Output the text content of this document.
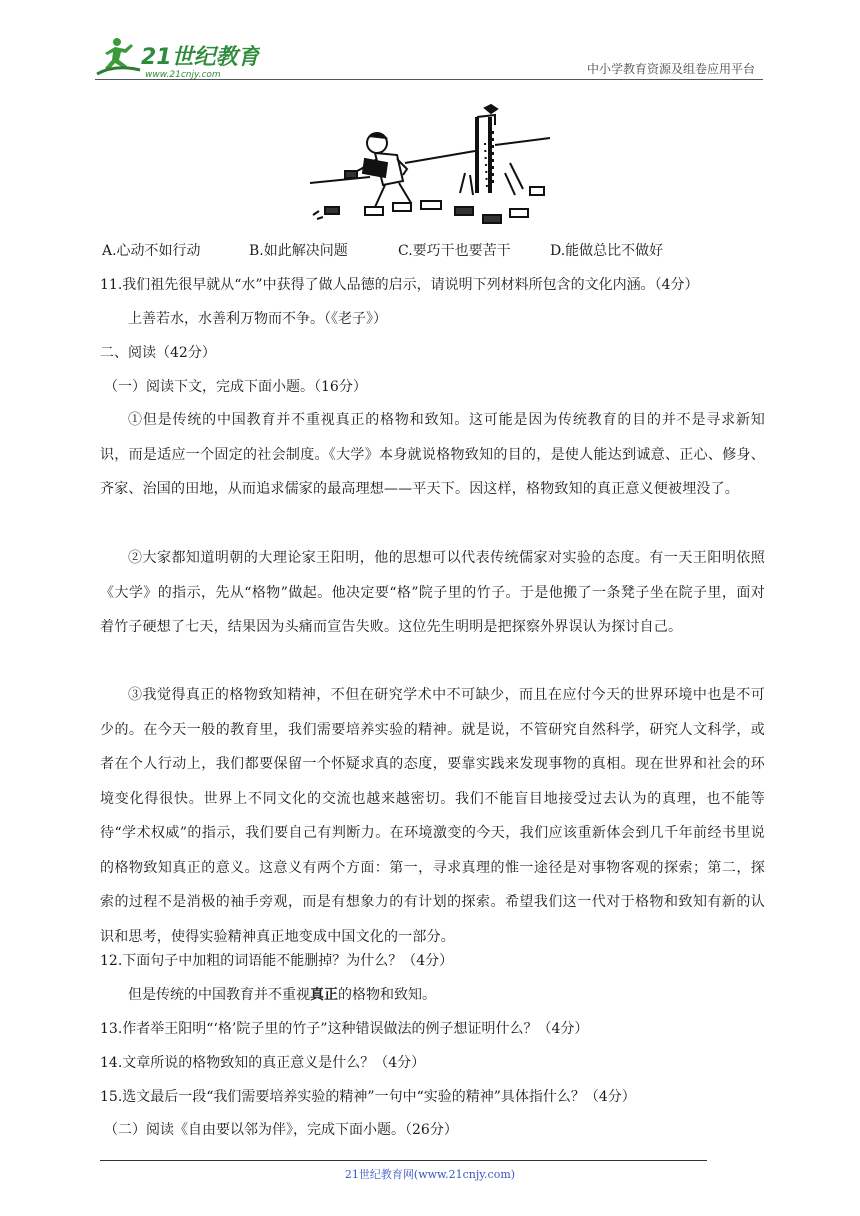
21世纪教育
www.21cnjy.com	中小学教育资源及组卷应用平台
A.心动不如行动	B.如此解决问题	C.要巧干也要苦干	D.能做总比不做好
11.我们祖先很早就从“水”中获得了做人品德的启示，请说明下列材料所包含的文化内涵。（4分）
上善若水，水善利万物而不争。（《老子》）
二、阅读（42分）
（一）阅读下文，完成下面小题。（16分）
①但是传统的中国教育并不重视真正的格物和致知。这可能是因为传统教育的目的并不是寻求新知识，而是适应一个固定的社会制度。《大学》本身就说格物致知的目的，是使人能达到诚意、正心、修身、齐家、治国的田地，从而追求儒家的最高理想——平天下。因这样，格物致知的真正意义便被埋没了。
②大家都知道明朝的大理论家王阳明，他的思想可以代表传统儒家对实验的态度。有一天王阳明依照《大学》的指示，先从“格物”做起。他决定要“格”院子里的竹子。于是他搬了一条凳子坐在院子里，面对着竹子硬想了七天，结果因为头痛而宣告失败。这位先生明明是把探察外界误认为探讨自己。
③我觉得真正的格物致知精神，不但在研究学术中不可缺少，而且在应付今天的世界环境中也是不可少的。在今天一般的教育里，我们需要培养实验的精神。就是说，不管研究自然科学，研究人文科学，或者在个人行动上，我们都要保留一个怀疑求真的态度，要靠实践来发现事物的真相。现在世界和社会的环境变化得很快。世界上不同文化的交流也越来越密切。我们不能盲目地接受过去认为的真理，也不能等待“学术权威”的指示，我们要自己有判断力。在环境激变的今天，我们应该重新体会到几千年前经书里说的格物致知真正的意义。这意义有两个方面：第一，寻求真理的惟一途径是对事物客观的探索；第二，探索的过程不是消极的袖手旁观，而是有想象力的有计划的探索。希望我们这一代对于格物和致知有新的认识和思考，使得实验精神真正地变成中国文化的一部分。
12.下面句子中加粗的词语能不能删掉？为什么？（4分）
但是传统的中国教育并不重视真正的格物和致知。
13.作者举王阳明“‘格’院子里的竹子”这种错误做法的例子想证明什么？（4分）
14.文章所说的格物致知的真正意义是什么？（4分）
15.选文最后一段“我们需要培养实验的精神”一句中“实验的精神”具体指什么？（4分）
（二）阅读《自由要以邻为伴》，完成下面小题。（26分）
21世纪教育网(www.21cnjy.com)
